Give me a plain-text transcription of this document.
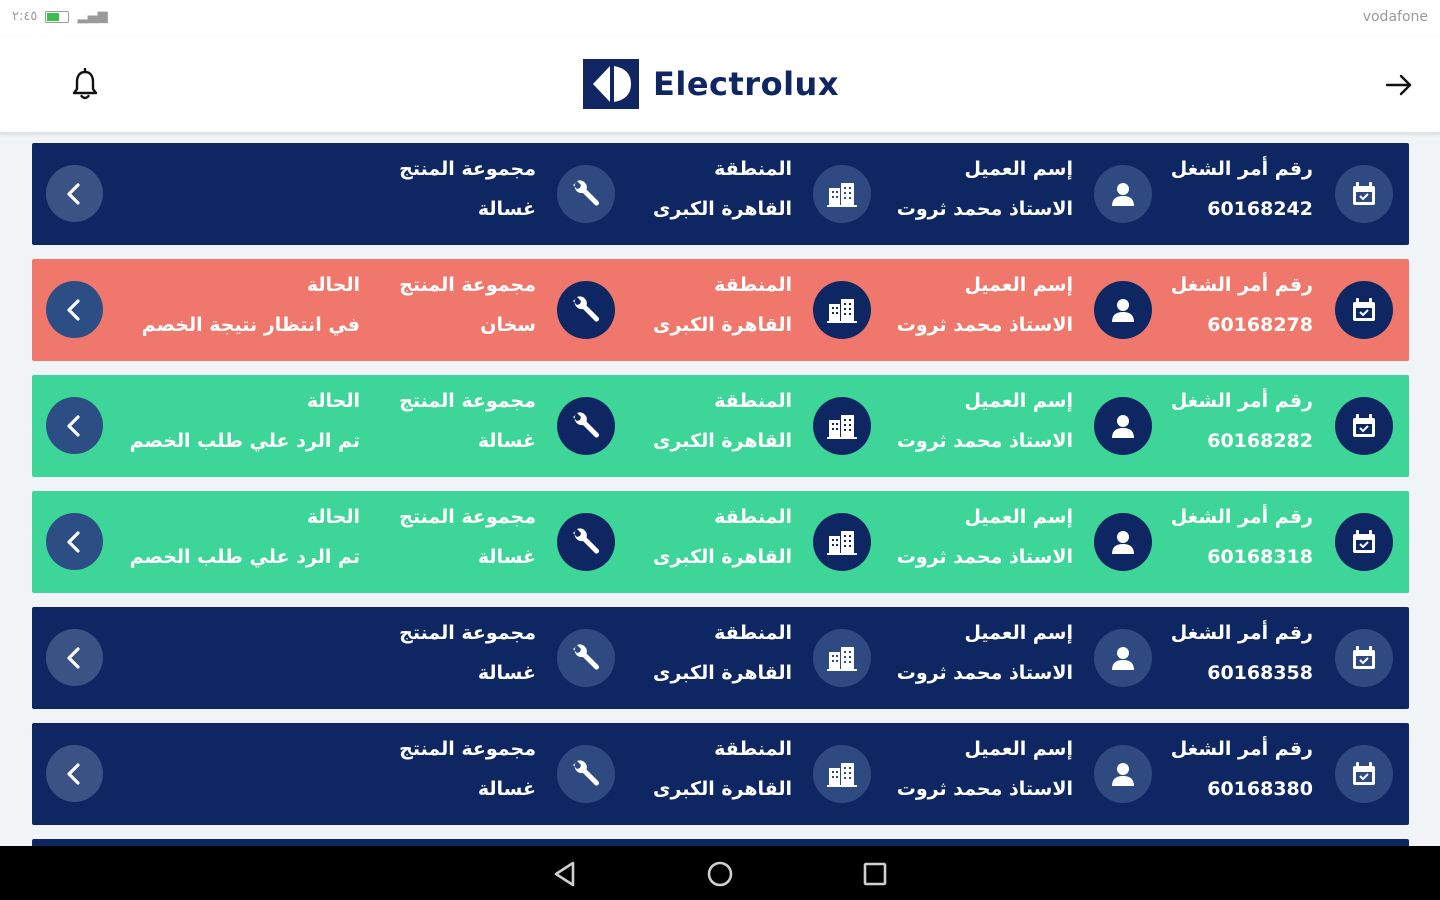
‏٢:٤٥	▂▄▆	vodafone
Electrolux
رقم أمر الشغل
60168242
إسم العميل
الاستاذ محمد ثروت
المنطقة
القاهرة الكبرى
مجموعة المنتج
غسالة
رقم أمر الشغل
60168278
إسم العميل
الاستاذ محمد ثروت
المنطقة
القاهرة الكبرى
مجموعة المنتج
سخان
الحالة
في انتظار نتيجة الخصم
رقم أمر الشغل
60168282
إسم العميل
الاستاذ محمد ثروت
المنطقة
القاهرة الكبرى
مجموعة المنتج
غسالة
الحالة
تم الرد علي طلب الخصم
رقم أمر الشغل
60168318
إسم العميل
الاستاذ محمد ثروت
المنطقة
القاهرة الكبرى
مجموعة المنتج
غسالة
الحالة
تم الرد علي طلب الخصم
رقم أمر الشغل
60168358
إسم العميل
الاستاذ محمد ثروت
المنطقة
القاهرة الكبرى
مجموعة المنتج
غسالة
رقم أمر الشغل
60168380
إسم العميل
الاستاذ محمد ثروت
المنطقة
القاهرة الكبرى
مجموعة المنتج
غسالة
